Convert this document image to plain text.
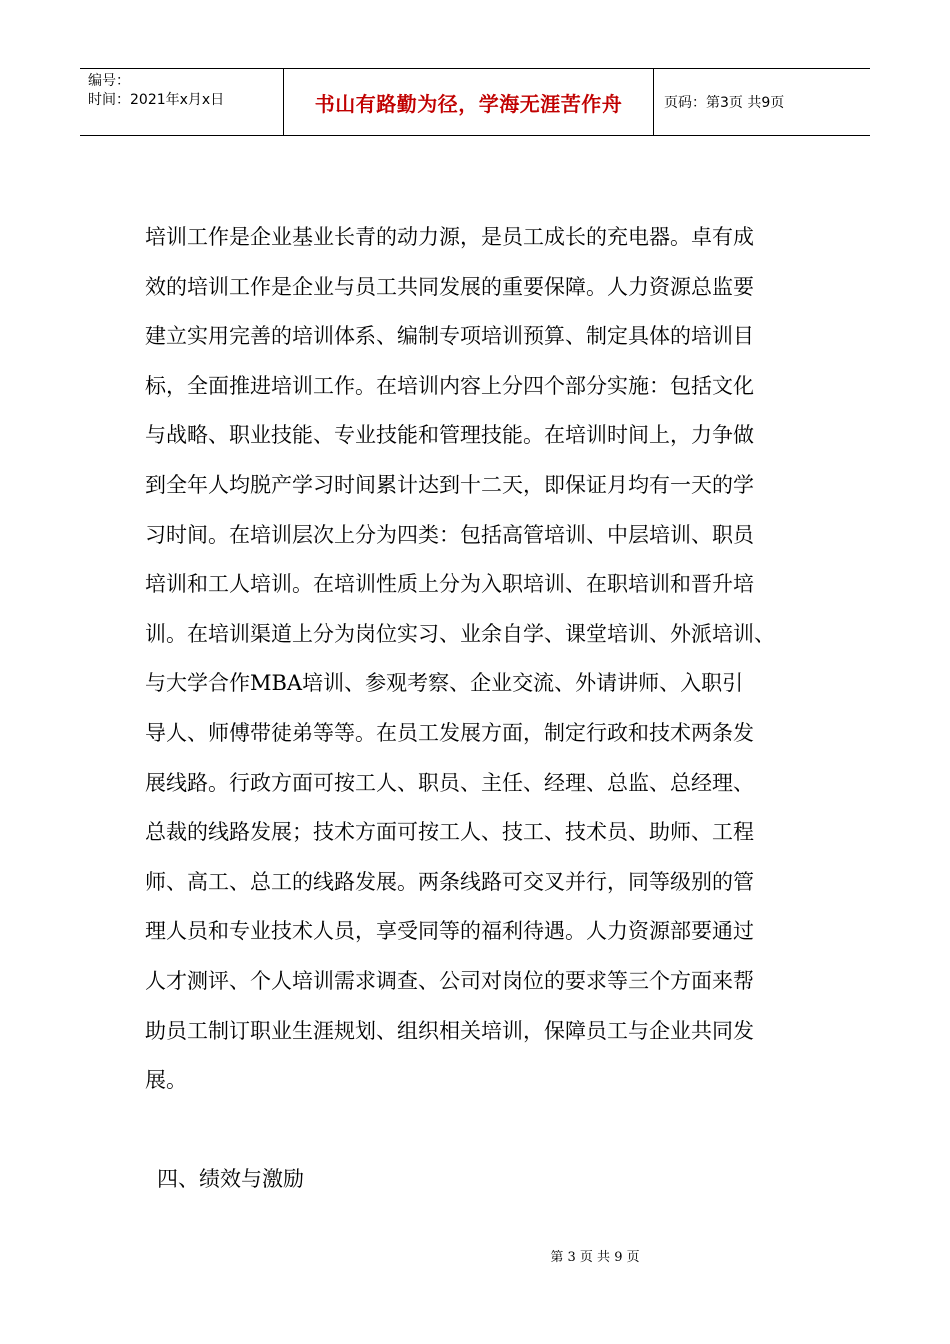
编号：
时间：2021年x月x日	书山有路勤为径，学海无涯苦作舟	页码：第3页 共9页
培训工作是企业基业长青的动力源，是员工成长的充电器。卓有成
效的培训工作是企业与员工共同发展的重要保障。人力资源总监要
建立实用完善的培训体系、编制专项培训预算、制定具体的培训目
标，全面推进培训工作。在培训内容上分四个部分实施：包括文化
与战略、职业技能、专业技能和管理技能。在培训时间上，力争做
到全年人均脱产学习时间累计达到十二天，即保证月均有一天的学
习时间。在培训层次上分为四类：包括高管培训、中层培训、职员
培训和工人培训。在培训性质上分为入职培训、在职培训和晋升培
训。在培训渠道上分为岗位实习、业余自学、课堂培训、外派培训、
与大学合作MBA培训、参观考察、企业交流、外请讲师、入职引
导人、师傅带徒弟等等。在员工发展方面，制定行政和技术两条发
展线路。行政方面可按工人、职员、主任、经理、总监、总经理、
总裁的线路发展；技术方面可按工人、技工、技术员、助师、工程
师、高工、总工的线路发展。两条线路可交叉并行，同等级别的管
理人员和专业技术人员，享受同等的福利待遇。人力资源部要通过
人才测评、个人培训需求调查、公司对岗位的要求等三个方面来帮
助员工制订职业生涯规划、组织相关培训，保障员工与企业共同发
展。
四、绩效与激励
第 3 页 共 9 页
